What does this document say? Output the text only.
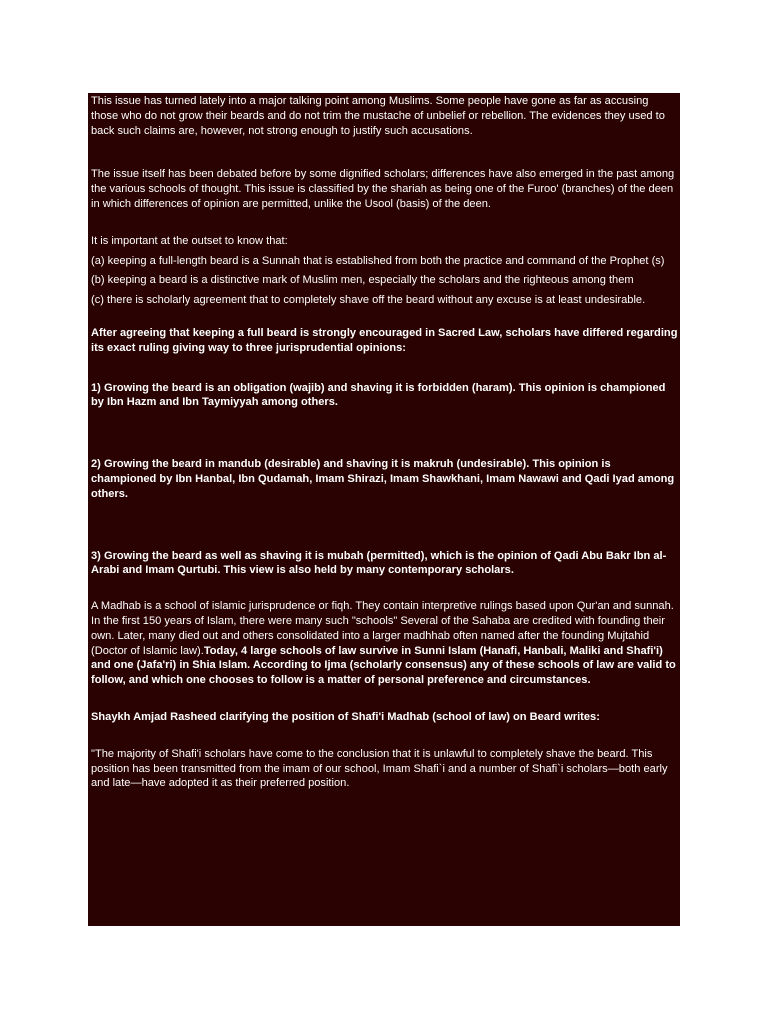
This issue has turned lately into a major talking point among Muslims. Some people have gone as far as accusing those who do not grow their beards and do not trim the mustache of unbelief or rebellion. The evidences they used to back such claims are, however, not strong enough to justify such accusations.

The issue itself has been debated before by some dignified scholars; differences have also emerged in the past among the various schools of thought. This issue is classified by the shariah as being one of the Furoo' (branches) of the deen in which differences of opinion are permitted, unlike the Usool (basis) of the deen.

It is important at the outset to know that:

(a) keeping a full-length beard is a Sunnah that is established from both the practice and command of the Prophet (s)

(b) keeping a beard is a distinctive mark of Muslim men, especially the scholars and the righteous among them

(c) there is scholarly agreement that to completely shave off the beard without any excuse is at least undesirable.

After agreeing that keeping a full beard is strongly encouraged in Sacred Law, scholars have differed regarding its exact ruling giving way to three jurisprudential opinions:

1) Growing the beard is an obligation (wajib) and shaving it is forbidden (haram). This opinion is championed by Ibn Hazm and Ibn Taymiyyah among others.

2) Growing the beard in mandub (desirable) and shaving it is makruh (undesirable). This opinion is championed by Ibn Hanbal, Ibn Qudamah, Imam Shirazi, Imam Shawkhani, Imam Nawawi and Qadi Iyad among others.

3) Growing the beard as well as shaving it is mubah (permitted), which is the opinion of Qadi Abu Bakr Ibn al-Arabi and Imam Qurtubi. This view is also held by many contemporary scholars.

A Madhab is a school of islamic jurisprudence or fiqh. They contain interpretive rulings based upon Qur'an and sunnah. In the first 150 years of Islam, there were many such "schools" Several of the Sahaba are credited with founding their own. Later, many died out and others consolidated into a larger madhhab often named after the founding Mujtahid (Doctor of Islamic law).Today, 4 large schools of law survive in Sunni Islam (Hanafi, Hanbali, Maliki and Shafi'i) and one (Jafa'ri) in Shia Islam. According to Ijma (scholarly consensus) any of these schools of law are valid to follow, and which one chooses to follow is a matter of personal preference and circumstances.

Shaykh Amjad Rasheed clarifying the position of Shafi'i Madhab (school of law) on Beard writes:

"The majority of Shafi'i scholars have come to the conclusion that it is unlawful to completely shave the beard. This position has been transmitted from the imam of our school, Imam Shafi`i and a number of Shafi`i scholars—both early and late—have adopted it as their preferred position.
